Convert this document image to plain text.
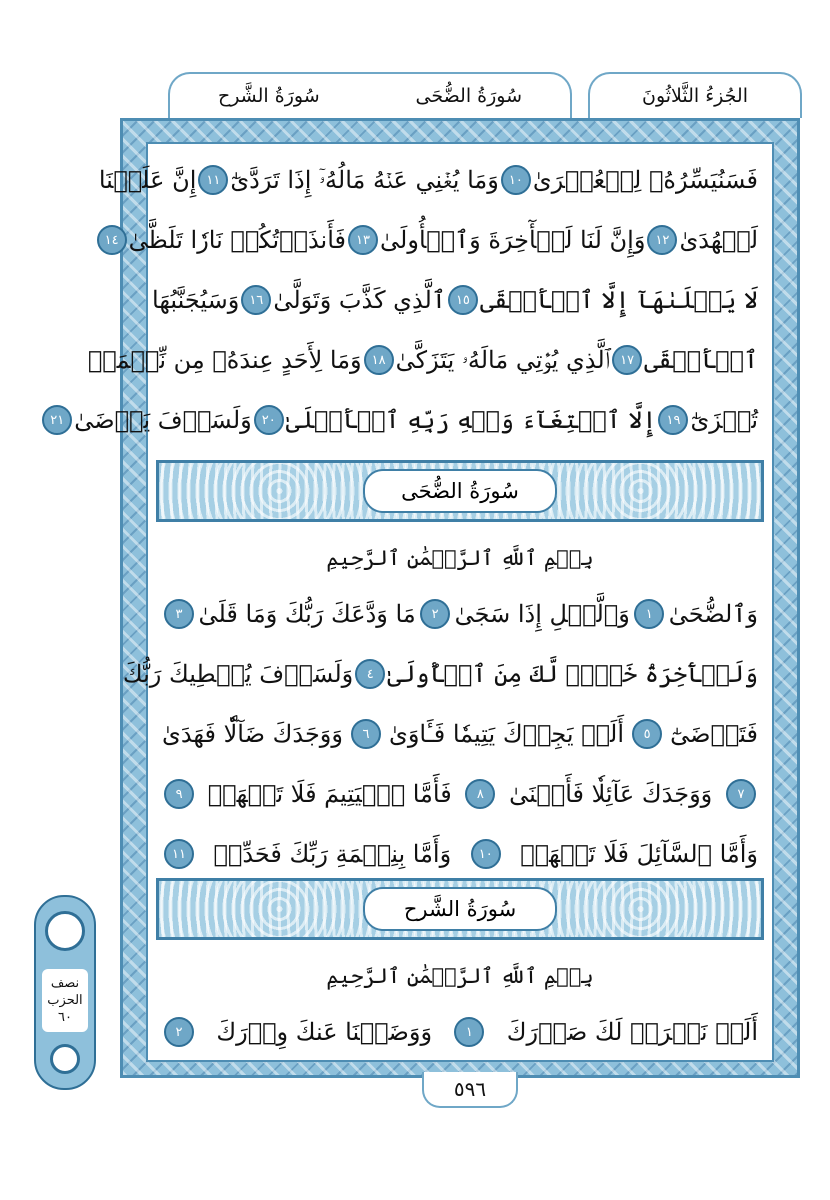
سُورَةُ الشَّرح	سُورَةُ الضُّحَى	الجُزءُ الثَّلاثُونَ
فَسَنُيَسِّرُهُۥ لِلۡعُسۡرَىٰ
١٠
وَمَا يُغۡنِي عَنۡهُ مَالُهُۥٓ إِذَا تَرَدَّىٰٓ
١١
إِنَّ عَلَيۡنَا
لَلۡهُدَىٰ
١٢
وَإِنَّ لَنَا لَلۡأٓخِرَةَ وَٱلۡأُولَىٰ
١٣
فَأَنذَرۡتُكُمۡ نَارٗا تَلَظَّىٰ
١٤
لَا يَصۡلَىٰهَآ إِلَّا ٱلۡأَشۡقَى
١٥
ٱلَّذِي كَذَّبَ وَتَوَلَّىٰ
١٦
وَسَيُجَنَّبُهَا
ٱلۡأَتۡقَى
١٧
ٱلَّذِي يُؤۡتِي مَالَهُۥ يَتَزَكَّىٰ
١٨
وَمَا لِأَحَدٍ عِندَهُۥ مِن نِّعۡمَةٖ
تُجۡزَىٰٓ
١٩
إِلَّا ٱبۡتِغَآءَ وَجۡهِ رَبِّهِ ٱلۡأَعۡلَىٰ
٢٠
وَلَسَوۡفَ يَرۡضَىٰ
٢١
سُورَةُ الضُّحَى
بِسۡمِ ٱللَّهِ ٱلرَّحۡمَٰنِ ٱلرَّحِيمِ
وَٱلضُّحَىٰ
١
وَٱلَّيۡلِ إِذَا سَجَىٰ
٢
مَا وَدَّعَكَ رَبُّكَ وَمَا قَلَىٰ
٣
وَلَلۡأٓخِرَةُ خَيۡرٞ لَّكَ مِنَ ٱلۡأُولَىٰ
٤
وَلَسَوۡفَ يُعۡطِيكَ رَبُّكَ
فَتَرۡضَىٰٓ
٥
أَلَمۡ يَجِدۡكَ يَتِيمٗا فَـَٔاوَىٰ
٦
وَوَجَدَكَ ضَآلّٗا فَهَدَىٰ
٧
وَوَجَدَكَ عَآئِلٗا فَأَغۡنَىٰ
٨
فَأَمَّا ٱلۡيَتِيمَ فَلَا تَقۡهَرۡ
٩
وَأَمَّا ٱلسَّآئِلَ فَلَا تَنۡهَرۡ
١٠
وَأَمَّا بِنِعۡمَةِ رَبِّكَ فَحَدِّثۡ
١١
سُورَةُ الشَّرح
بِسۡمِ ٱللَّهِ ٱلرَّحۡمَٰنِ ٱلرَّحِيمِ
أَلَمۡ نَشۡرَحۡ لَكَ صَدۡرَكَ
١
وَوَضَعۡنَا عَنكَ وِزۡرَكَ
٢
٥٩٦
نصف
الحزب
٦٠
